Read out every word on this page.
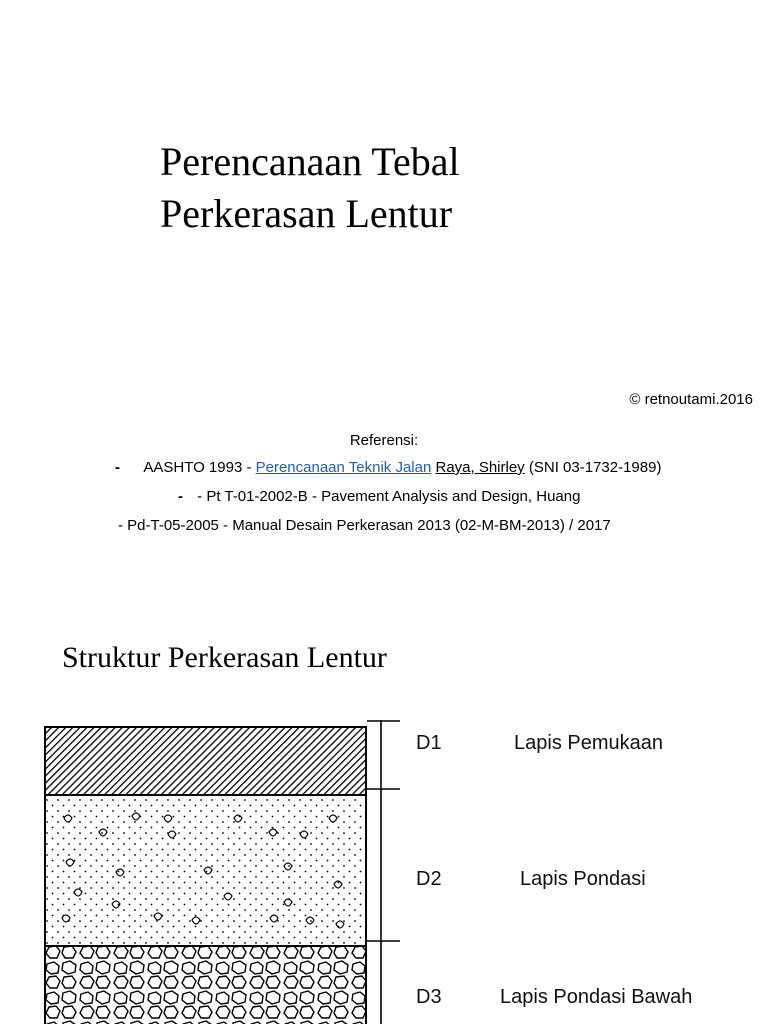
Perencanaan Tebal
Perkerasan Lentur
© retnoutami.2016
Referensi:
- AASHTO 1993 - Perencanaan Teknik Jalan Raya, Shirley (SNI 03-1732-1989)
- - Pt T-01-2002-B - Pavement Analysis and Design, Huang
- Pd-T-05-2005 - Manual Desain Perkerasan 2013 (02-M-BM-2013) / 2017
Struktur Perkerasan Lentur
D1	Lapis Pemukaan
D2	Lapis Pondasi
D3	Lapis Pondasi Bawah
